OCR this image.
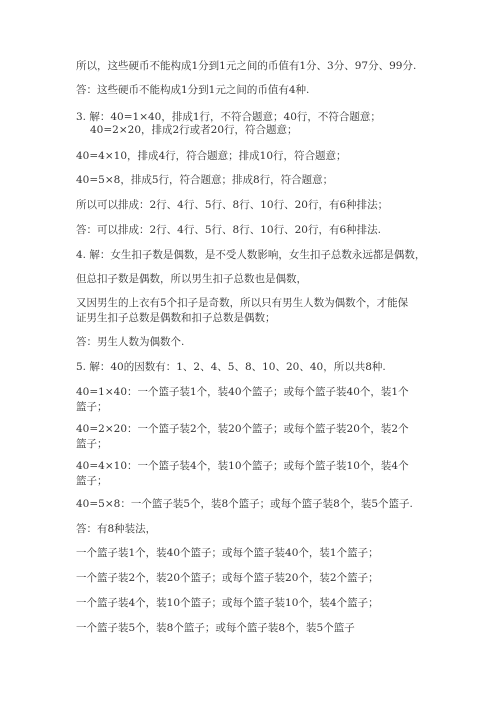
所以，这些硬币不能构成1分到1元之间的币值有1分、3分、97分、99分.
答：这些硬币不能构成1分到1元之间的币值有4种.
3. 解：40=1×40，排成1行，不符合题意；40行，不符合题意；
40=2×20，排成2行或者20行，符合题意；
40=4×10，排成4行，符合题意；排成10行，符合题意；
40=5×8，排成5行，符合题意；排成8行，符合题意；
所以可以排成：2行、4行、5行、8行、10行、20行，有6种排法；
答：可以排成：2行、4行、5行、8行、10行、20行，有6种排法.
4. 解：女生扣子数是偶数，是不受人数影响，女生扣子总数永远都是偶数，
但总扣子数是偶数，所以男生扣子总数也是偶数，
又因男生的上衣有5个扣子是奇数，所以只有男生人数为偶数个，才能保证男生扣子总数是偶数和扣子总数是偶数；
答：男生人数为偶数个.
5. 解：40的因数有：1、2、4、5、8、10、20、40，所以共8种.
40=1×40：一个篮子装1个，装40个篮子；或每个篮子装40个，装1个篮子；
40=2×20：一个篮子装2个，装20个篮子；或每个篮子装20个，装2个篮子；
40=4×10：一个篮子装4个，装10个篮子；或每个篮子装10个，装4个篮子；
40=5×8：一个篮子装5个，装8个篮子；或每个篮子装8个，装5个篮子.
答：有8种装法，
一个篮子装1个，装40个篮子；或每个篮子装40个，装1个篮子；
一个篮子装2个，装20个篮子；或每个篮子装20个，装2个篮子；
一个篮子装4个，装10个篮子；或每个篮子装10个，装4个篮子；
一个篮子装5个，装8个篮子；或每个篮子装8个，装5个篮子
